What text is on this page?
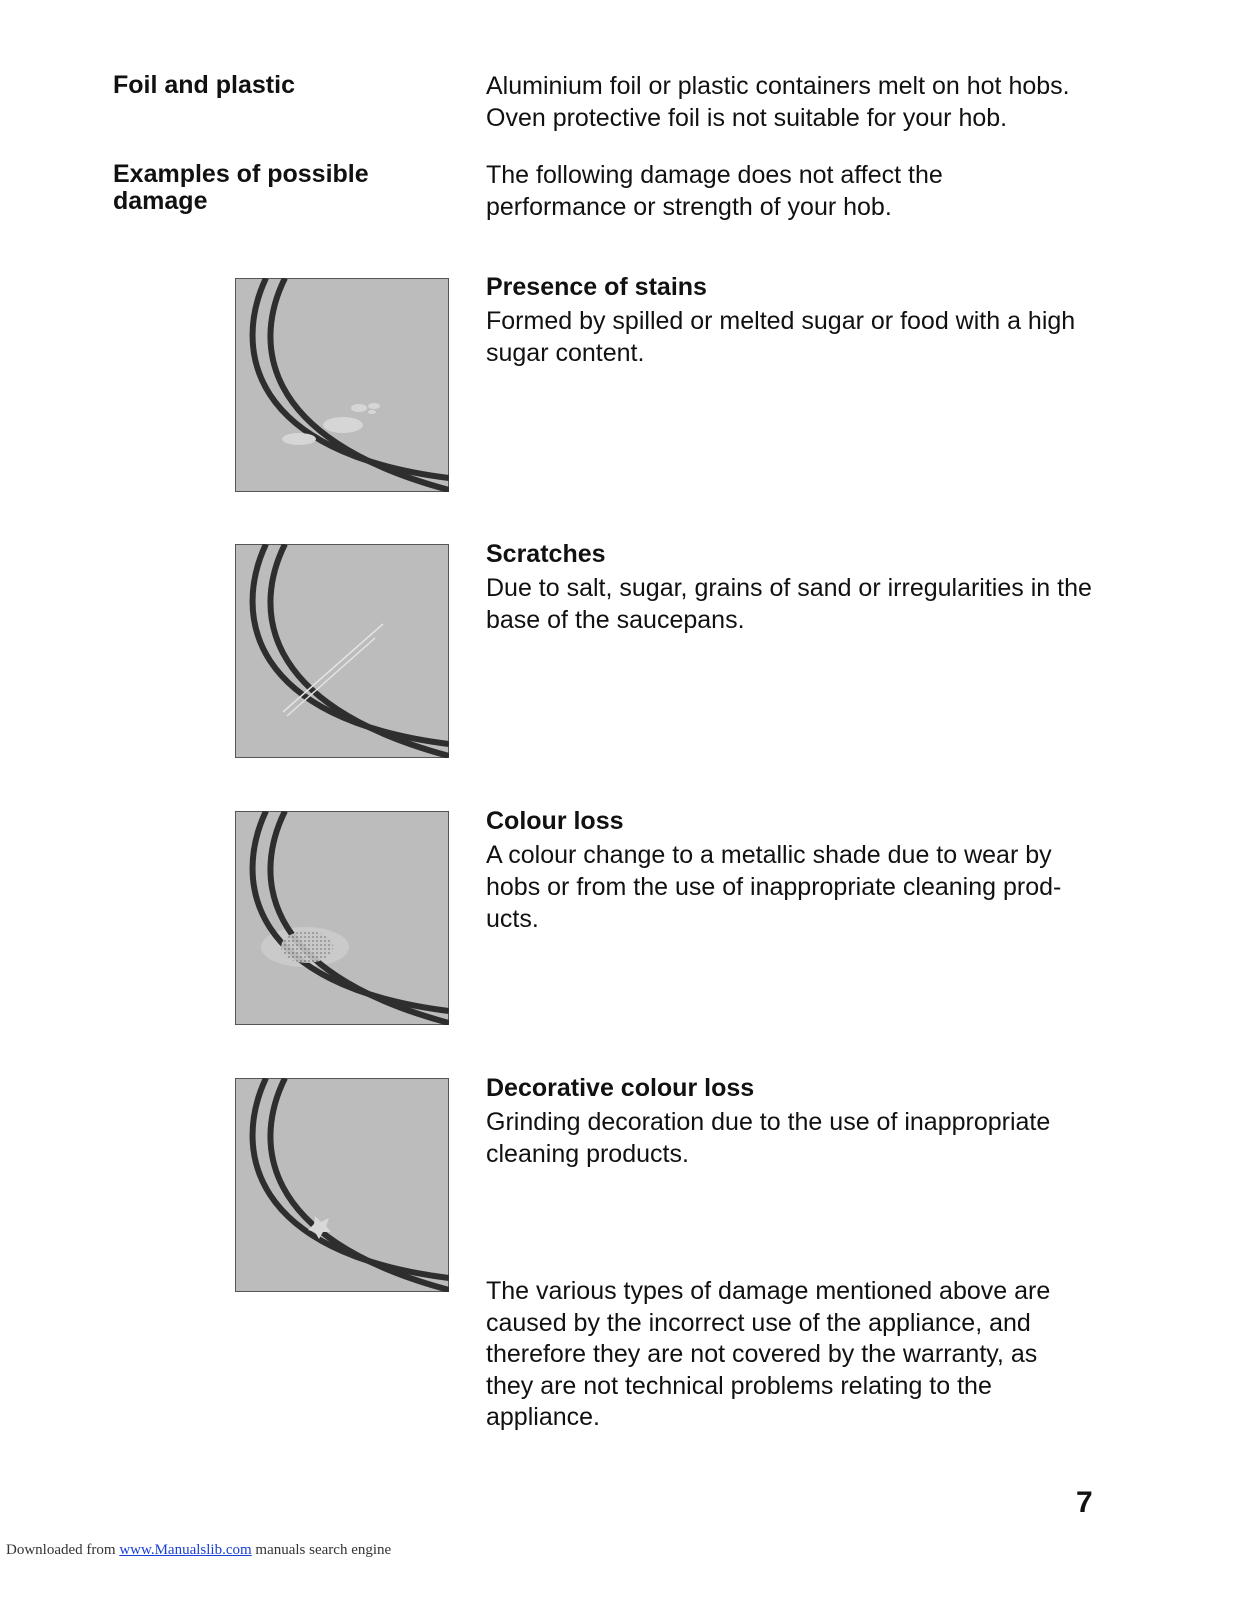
Foil and plastic	Aluminium foil or plastic containers melt on hot hobs.
Oven protective foil is not suitable for your hob.
Examples of possible
damage
The following damage does not affect the
performance or strength of your hob.
Presence of stains
Formed by spilled or melted sugar or food with a high
sugar content.
Scratches
Due to salt, sugar, grains of sand or irregularities in the
base of the saucepans.
Colour loss
A colour change to a metallic shade due to wear by
hobs or from the use of inappropriate cleaning prod-
ucts.
Decorative colour loss
Grinding decoration due to the use of inappropriate
cleaning products.
The various types of damage mentioned above are
caused by the incorrect use of the appliance, and
therefore they are not covered by the warranty, as
they are not technical problems relating to the
appliance.
7
Downloaded from www.Manualslib.com manuals search engine
